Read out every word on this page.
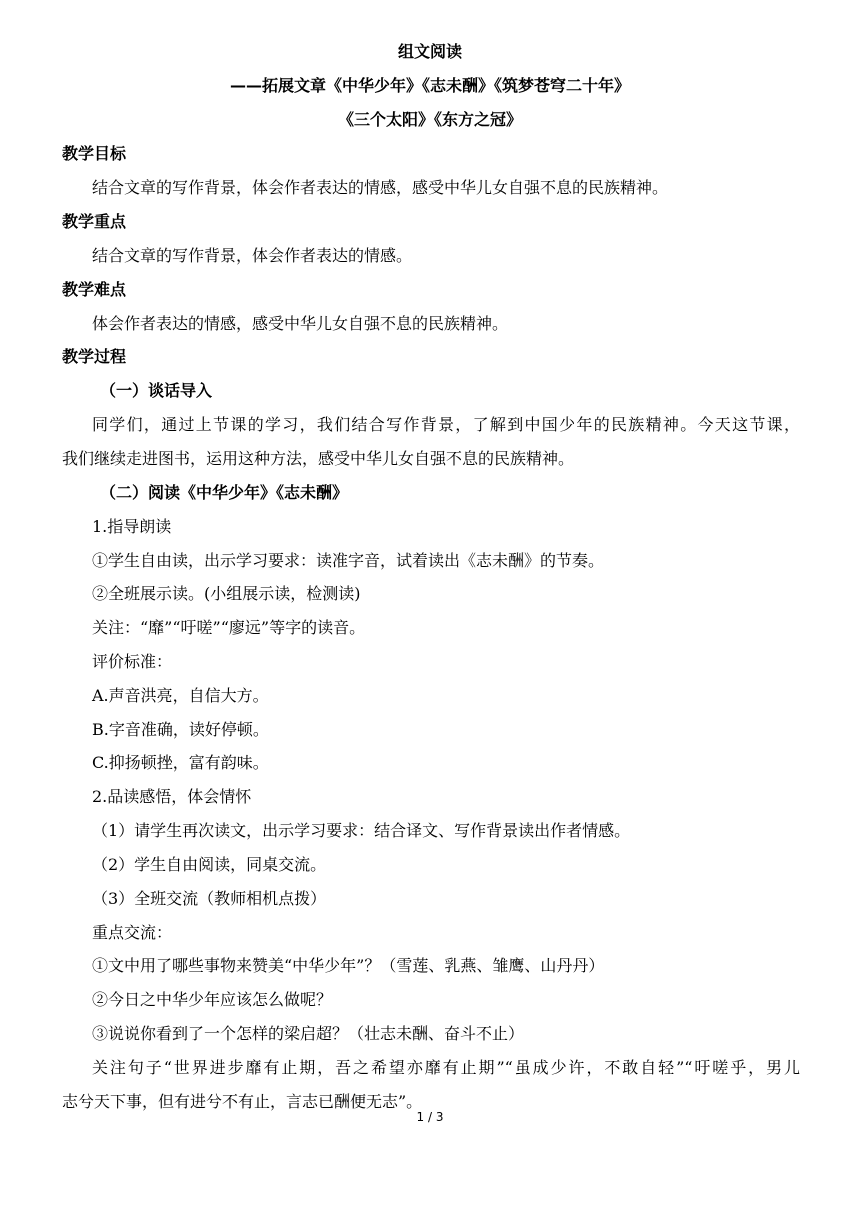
组文阅读
——拓展文章《中华少年》《志未酬》《筑梦苍穹二十年》
《三个太阳》《东方之冠》
教学目标
结合文章的写作背景，体会作者表达的情感，感受中华儿女自强不息的民族精神。
教学重点
结合文章的写作背景，体会作者表达的情感。
教学难点
体会作者表达的情感，感受中华儿女自强不息的民族精神。
教学过程
（一）谈话导入
同学们，通过上节课的学习，我们结合写作背景，了解到中国少年的民族精神。今天这节课，
我们继续走进图书，运用这种方法，感受中华儿女自强不息的民族精神。
（二）阅读《中华少年》《志未酬》
1.指导朗读
①学生自由读，出示学习要求：读准字音，试着读出《志未酬》的节奏。
②全班展示读。(小组展示读，检测读)
关注：“靡”“吁嗟”“廖远”等字的读音。
评价标准：
A.声音洪亮，自信大方。
B.字音准确，读好停顿。
C.抑扬顿挫，富有韵味。
2.品读感悟，体会情怀
（1）请学生再次读文，出示学习要求：结合译文、写作背景读出作者情感。
（2）学生自由阅读，同桌交流。
（3）全班交流（教师相机点拨）
重点交流：
①文中用了哪些事物来赞美“中华少年”？（雪莲、乳燕、雏鹰、山丹丹）
②今日之中华少年应该怎么做呢？
③说说你看到了一个怎样的梁启超？（壮志未酬、奋斗不止）
关注句子“世界进步靡有止期，吾之希望亦靡有止期”“虽成少许，不敢自轻”“吁嗟乎，男儿
志兮天下事，但有进兮不有止，言志已酬便无志”。
1 / 3
